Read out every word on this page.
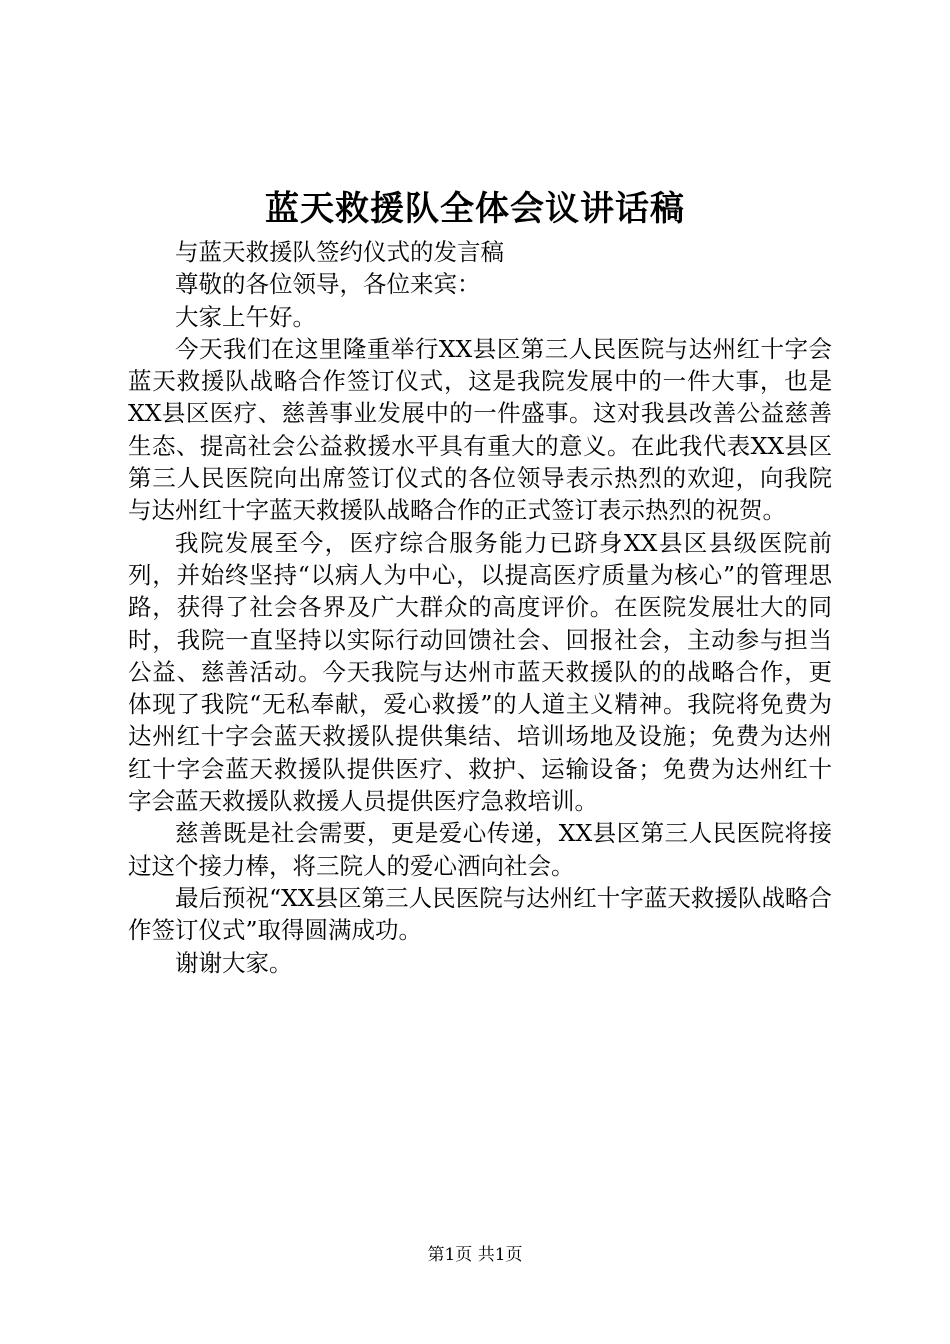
蓝天救援队全体会议讲话稿

与蓝天救援队签约仪式的发言稿

尊敬的各位领导，各位来宾：

大家上午好。

今天我们在这里隆重举行XX县区第三人民医院与达州红十字会蓝天救援队战略合作签订仪式，这是我院发展中的一件大事，也是XX县区医疗、慈善事业发展中的一件盛事。这对我县改善公益慈善生态、提高社会公益救援水平具有重大的意义。在此我代表XX县区第三人民医院向出席签订仪式的各位领导表示热烈的欢迎，向我院与达州红十字蓝天救援队战略合作的正式签订表示热烈的祝贺。

我院发展至今，医疗综合服务能力已跻身XX县区县级医院前列，并始终坚持“以病人为中心，以提高医疗质量为核心”的管理思路，获得了社会各界及广大群众的高度评价。在医院发展壮大的同时，我院一直坚持以实际行动回馈社会、回报社会，主动参与担当公益、慈善活动。今天我院与达州市蓝天救援队的的战略合作，更体现了我院“无私奉献，爱心救援”的人道主义精神。我院将免费为达州红十字会蓝天救援队提供集结、培训场地及设施；免费为达州红十字会蓝天救援队提供医疗、救护、运输设备；免费为达州红十字会蓝天救援队救援人员提供医疗急救培训。

慈善既是社会需要，更是爱心传递，XX县区第三人民医院将接过这个接力棒，将三院人的爱心洒向社会。

最后预祝“XX县区第三人民医院与达州红十字蓝天救援队战略合作签订仪式”取得圆满成功。

谢谢大家。

第1页 共1页
